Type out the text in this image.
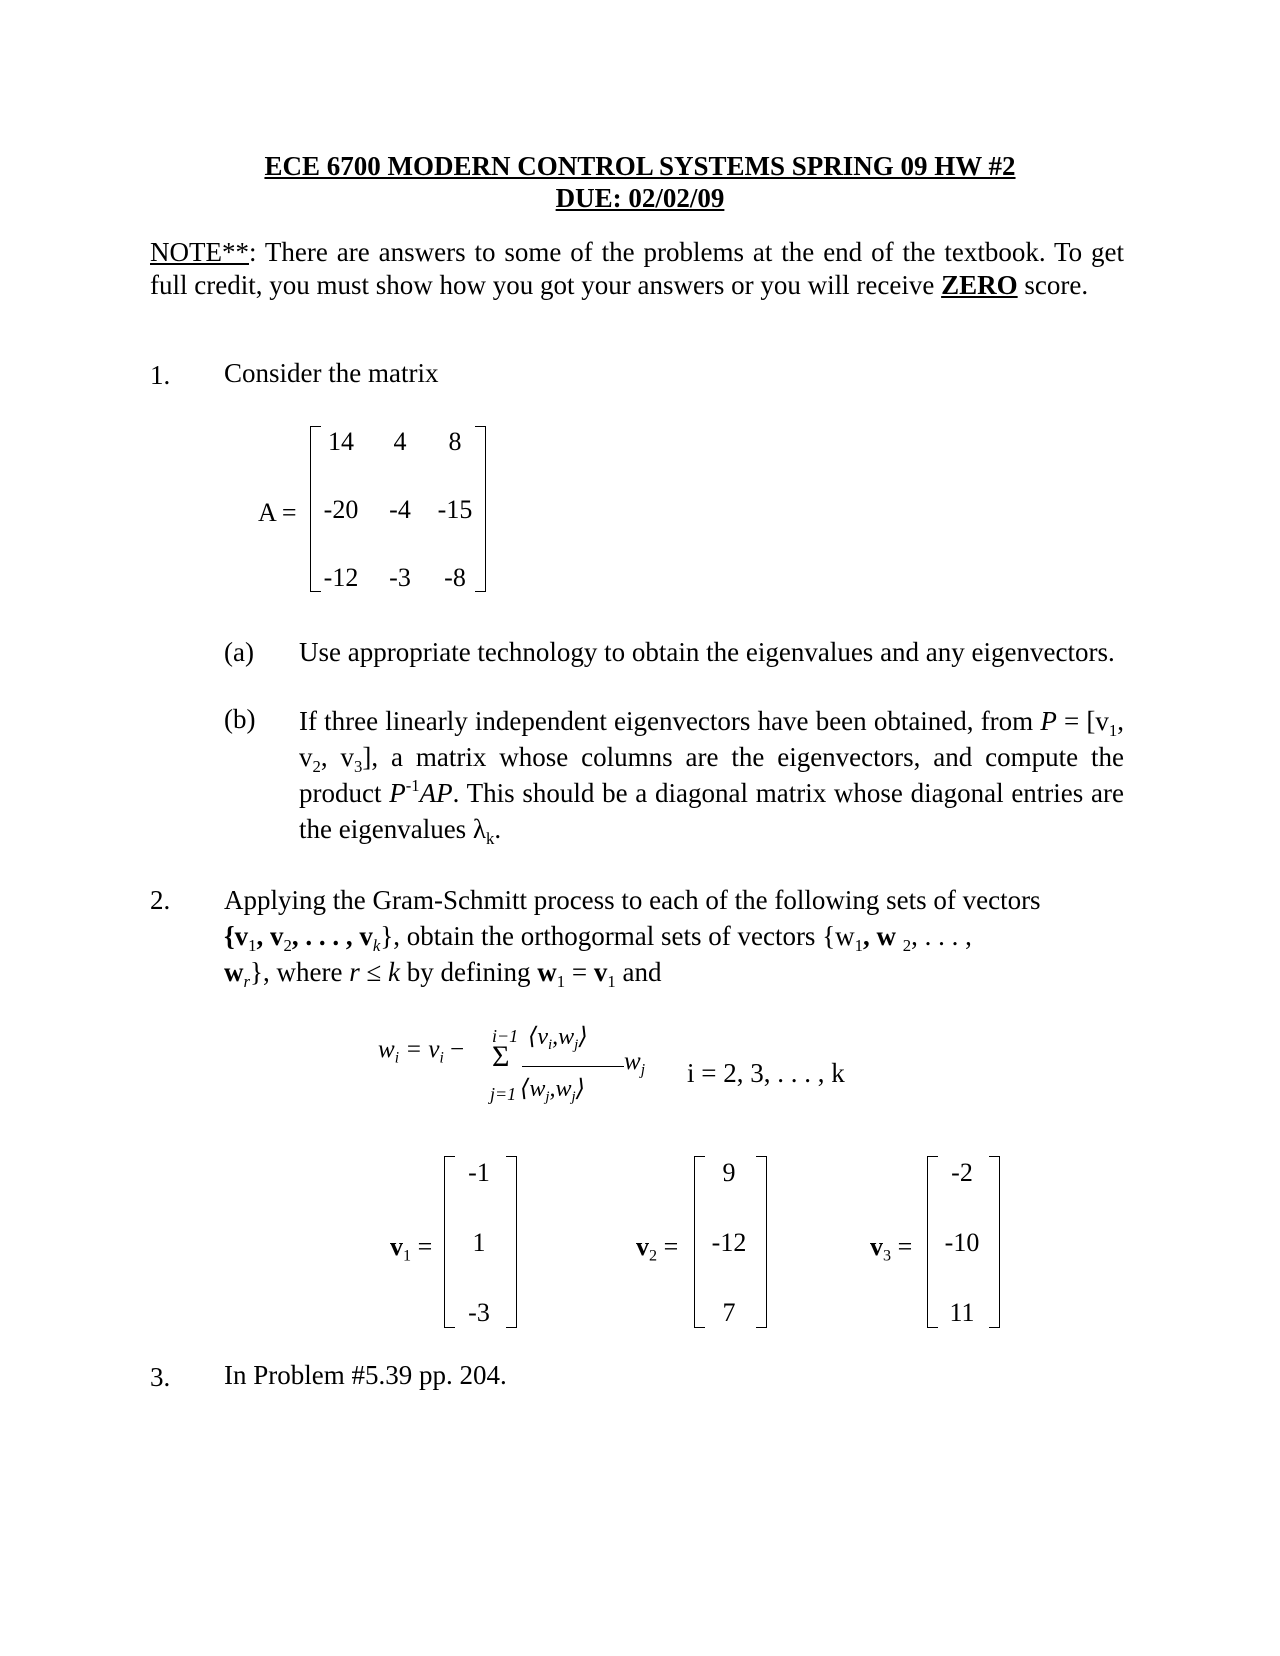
ECE 6700 MODERN CONTROL SYSTEMS SPRING 09 HW #2
DUE: 02/02/09
NOTE**: There are answers to some of the problems at the end of the textbook. To get full credit, you must show how you got your answers or you will receive ZERO score.
1. Consider the matrix
A =
14	4	8
-20	-4	-15
-12	-3	-8
(a) Use appropriate technology to obtain the eigenvalues and any eigenvectors.
(b) If three linearly independent eigenvectors have been obtained, from $P = [v_1$, $v_2$, $v_3$], a matrix whose columns are the eigenvectors, and compute the product $P^{-1}AP$. This should be a diagonal matrix whose diagonal entries are the eigenvalues $\lambda_k$.
2. Applying the Gram-Schmitt process to each of the following sets of vectors
{$v_1$, $v_2$, . . . , $v_k$}, obtain the orthogormal sets of vectors {$w_1$, w $_2$, . . . ,
$w_r$}, where r ≤ k by defining $w_1 = v_1$ and
$w_i = v_i - i-1$
Σ
j=1
$⟨v_i,w_j⟩$
$⟨w_j,w_j⟩$
$w_j$ i = 2, 3, . . . , k
$v_1$ =
-1
1
-3
$v_2$ =
9
-12
7
$v_3$ =
-2
-10
11
3. In Problem #5.39 pp. 204.
